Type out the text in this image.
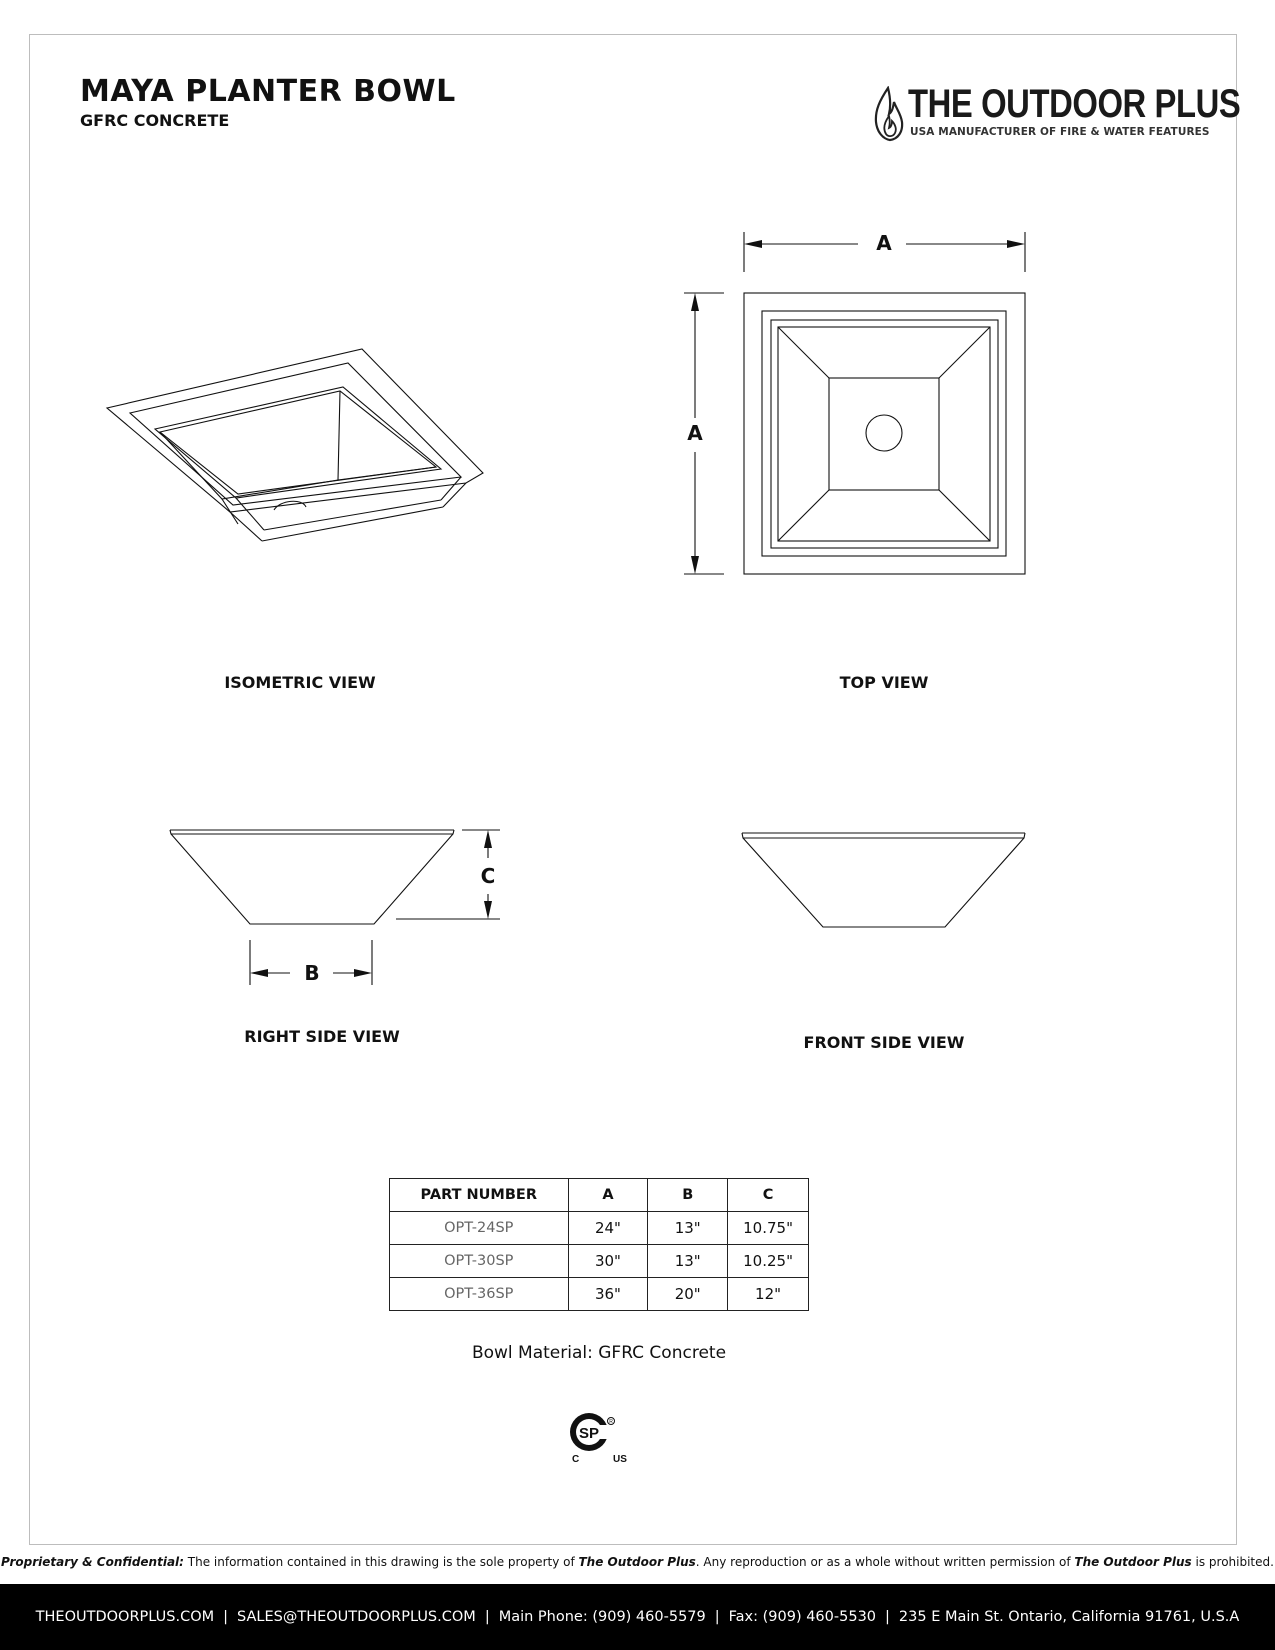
MAYA PLANTER BOWL
GFRC CONCRETE	THE OUTDOOR PLUS
USA MANUFACTURER OF FIRE & WATER FEATURES
A
A
C
B
ISOMETRIC VIEW	TOP VIEW
RIGHT SIDE VIEW	FRONT SIDE VIEW
PART NUMBER	A	B	C
OPT-24SP	24"	13"	10.75"
OPT-30SP	30"	13"	10.25"
OPT-36SP	36"	20"	12"
Bowl Material: GFRC Concrete
SP
R
C	US
Proprietary & Confidential: The information contained in this drawing is the sole property of The Outdoor Plus. Any reproduction or as a whole without written permission of The Outdoor Plus is prohibited.
THEOUTDOORPLUS.COM | SALES@THEOUTDOORPLUS.COM | Main Phone: (909) 460-5579 | Fax: (909) 460-5530 | 235 E Main St. Ontario, California 91761, U.S.A
